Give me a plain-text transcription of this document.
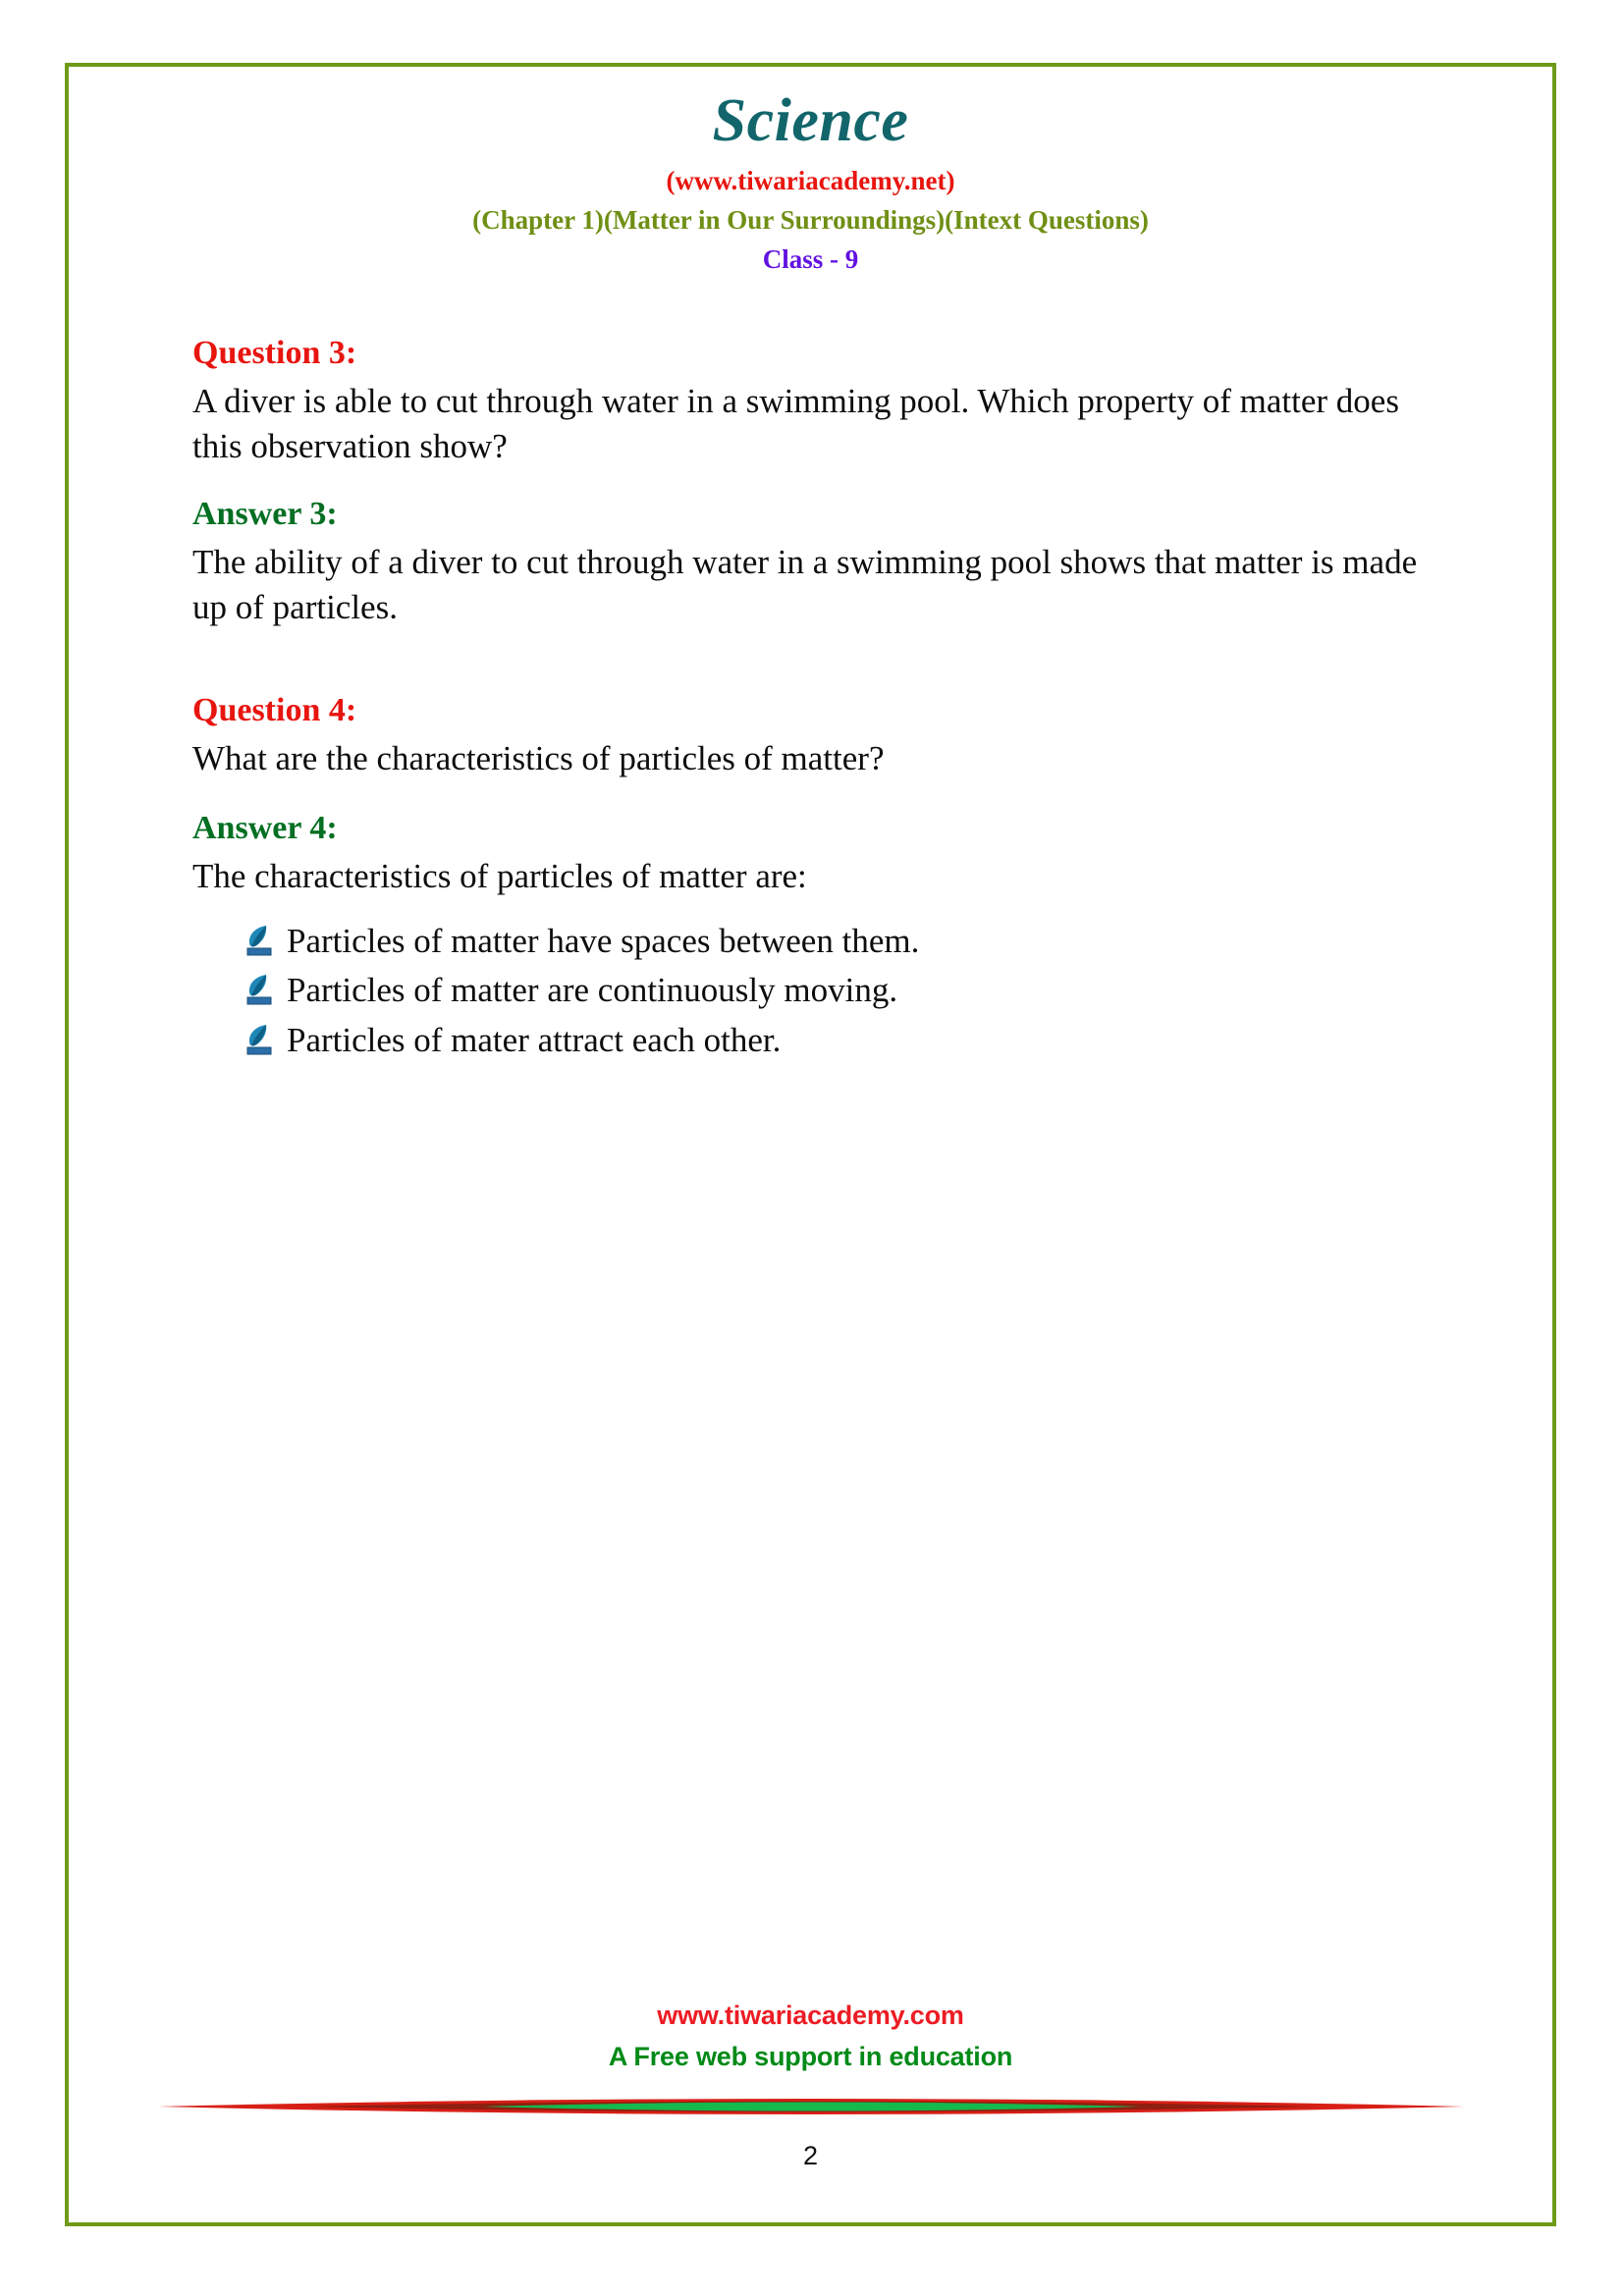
Science
(www.tiwariacademy.net)
(Chapter 1)(Matter in Our Surroundings)(Intext Questions)
Class - 9
Question 3:

A diver is able to cut through water in a swimming pool. Which property of matter does this observation show?

Answer 3:

The ability of a diver to cut through water in a swimming pool shows that matter is made up of particles.

Question 4:

What are the characteristics of particles of matter?

Answer 4:

The characteristics of particles of matter are:

Particles of matter have spaces between them.
Particles of matter are continuously moving.
Particles of mater attract each other.
www.tiwariacademy.com
A Free web support in education
2
